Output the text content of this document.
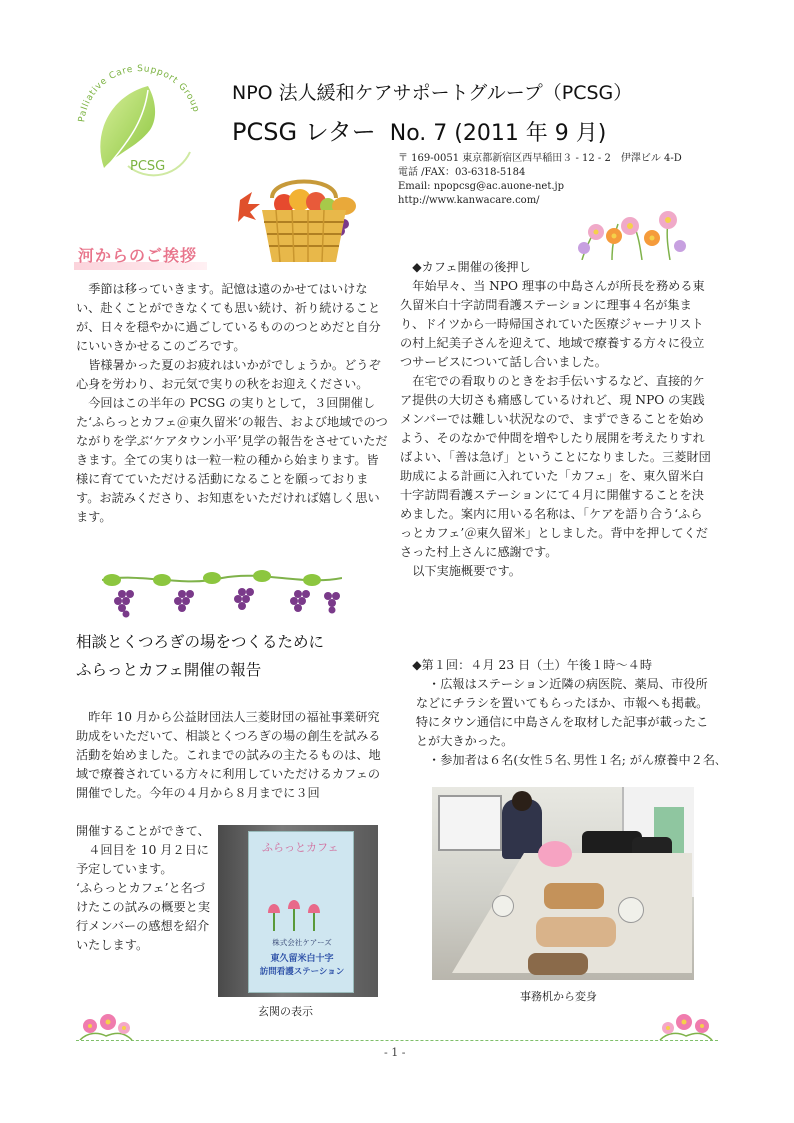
Palliative Care Support Group
PCSG
NPO 法人緩和ケアサポートグループ（PCSG）
PCSG レター No. 7 (2011 年 9 月)
〒 169-0051 東京都新宿区西早稲田３ - 12 - 2　伊澤ビル 4-D
電話 /FAX：03-6318-5184
Email: npopcsg@ac.auone-net.jp
http://www.kanwacare.com/
河からのご挨拶

季節は移っていきます。記憶は遠のかせてはいけない、赴くことができなくても思い続け、祈り続けることが、日々を穏やかに過ごしているもののつとめだと自分にいいきかせるこのごろです。

皆様暑かった夏のお疲れはいかがでしょうか。どうぞ心身を労わり、お元気で実りの秋をお迎えください。

今回はこの半年の PCSG の実りとして，３回開催した‘ふらっとカフェ＠東久留米’の報告、および地域でのつながりを学ぶ‘ケアタウン小平’見学の報告をさせていただきます。全ての実りは一粒一粒の種から始まります。皆様に育てていただける活動になることを願っております。お読みくださり、お知恵をいただければ嬉しく思います。

相談とくつろぎの場をつくるために
ふらっとカフェ開催の報告

昨年 10 月から公益財団法人三菱財団の福祉事業研究助成をいただいて、相談とくつろぎの場の創生を試みる活動を始めました。これまでの試みの主たるものは、地域で療養されている方々に利用していただけるカフェの開催でした。今年の４月から８月までに３回

開催することができて、

４回目を 10 月２日に予定しています。

‘ふらっとカフェ’と名づけたこの試みの概要と実行メンバーの感想を紹介いたします。

ふらっとカフェ
株式会社ケアーズ
東久留米白十字
訪問看護ステーション
玄関の表示

◆カフェ開催の後押し

年始早々、当 NPO 理事の中島さんが所長を務める東久留米白十字訪問看護ステーションに理事４名が集まり、ドイツから一時帰国されていた医療ジャーナリストの村上紀美子さんを迎えて、地域で療養する方々に役立つサービスについて話し合いました。

在宅での看取りのときをお手伝いするなど、直接的ケア提供の大切さも痛感しているけれど、現 NPO の実践メンバーでは難しい状況なので、まずできることを始めよう、そのなかで仲間を増やしたり展開を考えたりすればよい、「善は急げ」ということになりました。三菱財団助成による計画に入れていた「カフェ」を、東久留米白十字訪問看護ステーションにて４月に開催することを決めました。案内に用いる名称は、「ケアを語り合う‘ふらっとカフェ’＠東久留米」としました。背中を押してくださった村上さんに感謝です。

以下実施概要です。

◆第１回：４月 23 日（土）午後１時〜４時

・広報はステーション近隣の病医院、薬局、市役所などにチラシを置いてもらったほか、市報へも掲載。特にタウン通信に中島さんを取材した記事が載ったことが大きかった。

・参加者は６名(女性５名､男性１名; がん療養中２名､

事務机から変身
- 1 -
